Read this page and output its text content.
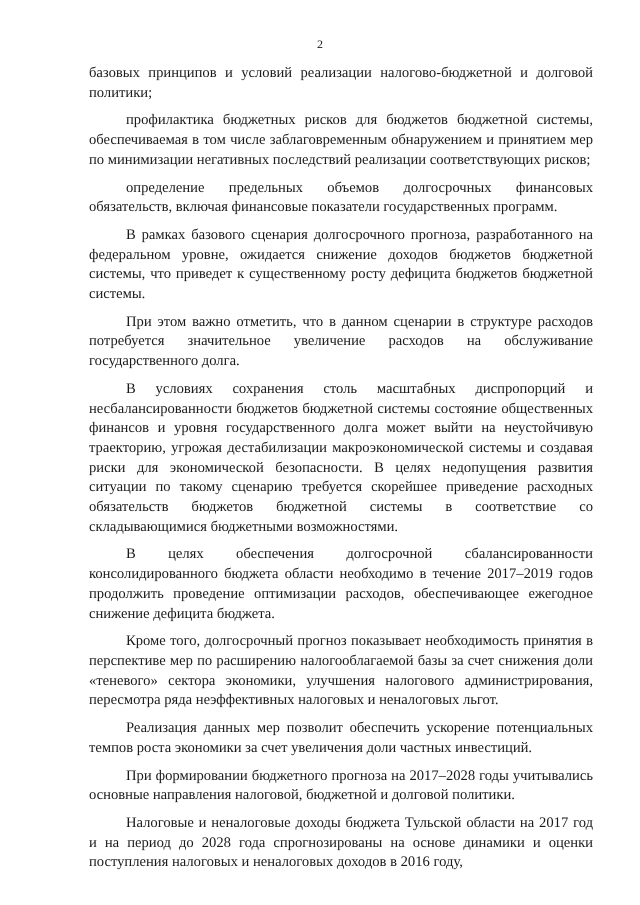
2

базовых принципов и условий реализации налогово-бюджетной и долговой политики;

профилактика бюджетных рисков для бюджетов бюджетной системы, обеспечиваемая в том числе заблаговременным обнаружением и принятием мер по минимизации негативных последствий реализации соответствующих рисков;

определение предельных объемов долгосрочных финансовых обязательств, включая финансовые показатели государственных программ.

В рамках базового сценария долгосрочного прогноза, разработанного на федеральном уровне, ожидается снижение доходов бюджетов бюджетной системы, что приведет к существенному росту дефицита бюджетов бюджетной системы.

При этом важно отметить, что в данном сценарии в структуре расходов потребуется значительное увеличение расходов на обслуживание государственного долга.

В условиях сохранения столь масштабных диспропорций и несбалансированности бюджетов бюджетной системы состояние общественных финансов и уровня государственного долга может выйти на неустойчивую траекторию, угрожая дестабилизации макроэкономической системы и создавая риски для экономической безопасности. В целях недопущения развития ситуации по такому сценарию требуется скорейшее приведение расходных обязательств бюджетов бюджетной системы в соответствие со складывающимися бюджетными возможностями.

В целях обеспечения долгосрочной сбалансированности консолидированного бюджета области необходимо в течение 2017–2019 годов продолжить проведение оптимизации расходов, обеспечивающее ежегодное снижение дефицита бюджета.

Кроме того, долгосрочный прогноз показывает необходимость принятия в перспективе мер по расширению налогооблагаемой базы за счет снижения доли «теневого» сектора экономики, улучшения налогового администрирования, пересмотра ряда неэффективных налоговых и неналоговых льгот.

Реализация данных мер позволит обеспечить ускорение потенциальных темпов роста экономики за счет увеличения доли частных инвестиций.

При формировании бюджетного прогноза на 2017–2028 годы учитывались основные направления налоговой, бюджетной и долговой политики.

Налоговые и неналоговые доходы бюджета Тульской области на 2017 год и на период до 2028 года спрогнозированы на основе динамики и оценки поступления налоговых и неналоговых доходов в 2016 году,
